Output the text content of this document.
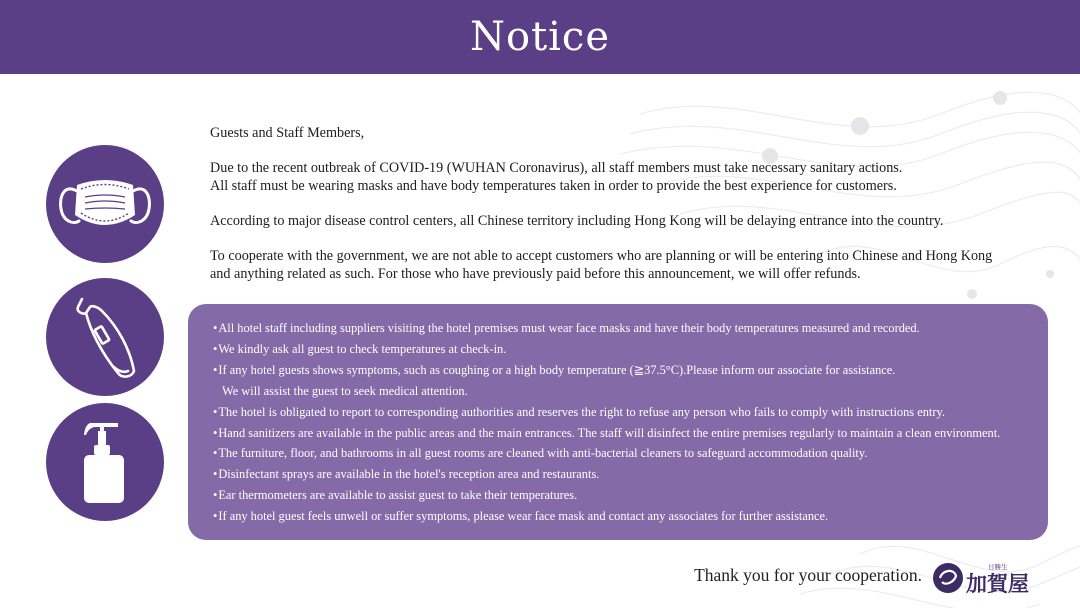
Notice

Guests and Staff Members,

Due to the recent outbreak of COVID-19 (WUHAN Coronavirus), all staff members must take necessary sanitary actions.
All staff must be wearing masks and have body temperatures taken in order to provide the best experience for customers.

According to major disease control centers, all Chinese territory including Hong Kong will be delaying entrance into the country.

To cooperate with the government, we are not able to accept customers who are planning or will be entering into Chinese and Hong Kong
and anything related as such. For those who have previously paid before this announcement, we will offer refunds.

•All hotel staff including suppliers visiting the hotel premises must wear face masks and have their body temperatures measured and recorded.
•We kindly ask all guest to check temperatures at check-in.
•If any hotel guests shows symptoms, such as coughing or a high body temperature (≧37.5°C).Please inform our associate for assistance.
We will assist the guest to seek medical attention.
•The hotel is obligated to report to corresponding authorities and reserves the right to refuse any person who fails to comply with instructions entry.
•Hand sanitizers are available in the public areas and the main entrances. The staff will disinfect the entire premises regularly to maintain a clean environment.
•The furniture, floor, and bathrooms in all guest rooms are cleaned with anti-bacterial cleaners to safeguard accommodation quality.
•Disinfectant sprays are available in the hotel's reception area and restaurants.
•Ear thermometers are available to assist guest to take their temperatures.
•If any hotel guest feels unwell or suffer symptoms, please wear face mask and contact any associates for further assistance.
Thank you for your cooperation.	日勝生
加賀屋
